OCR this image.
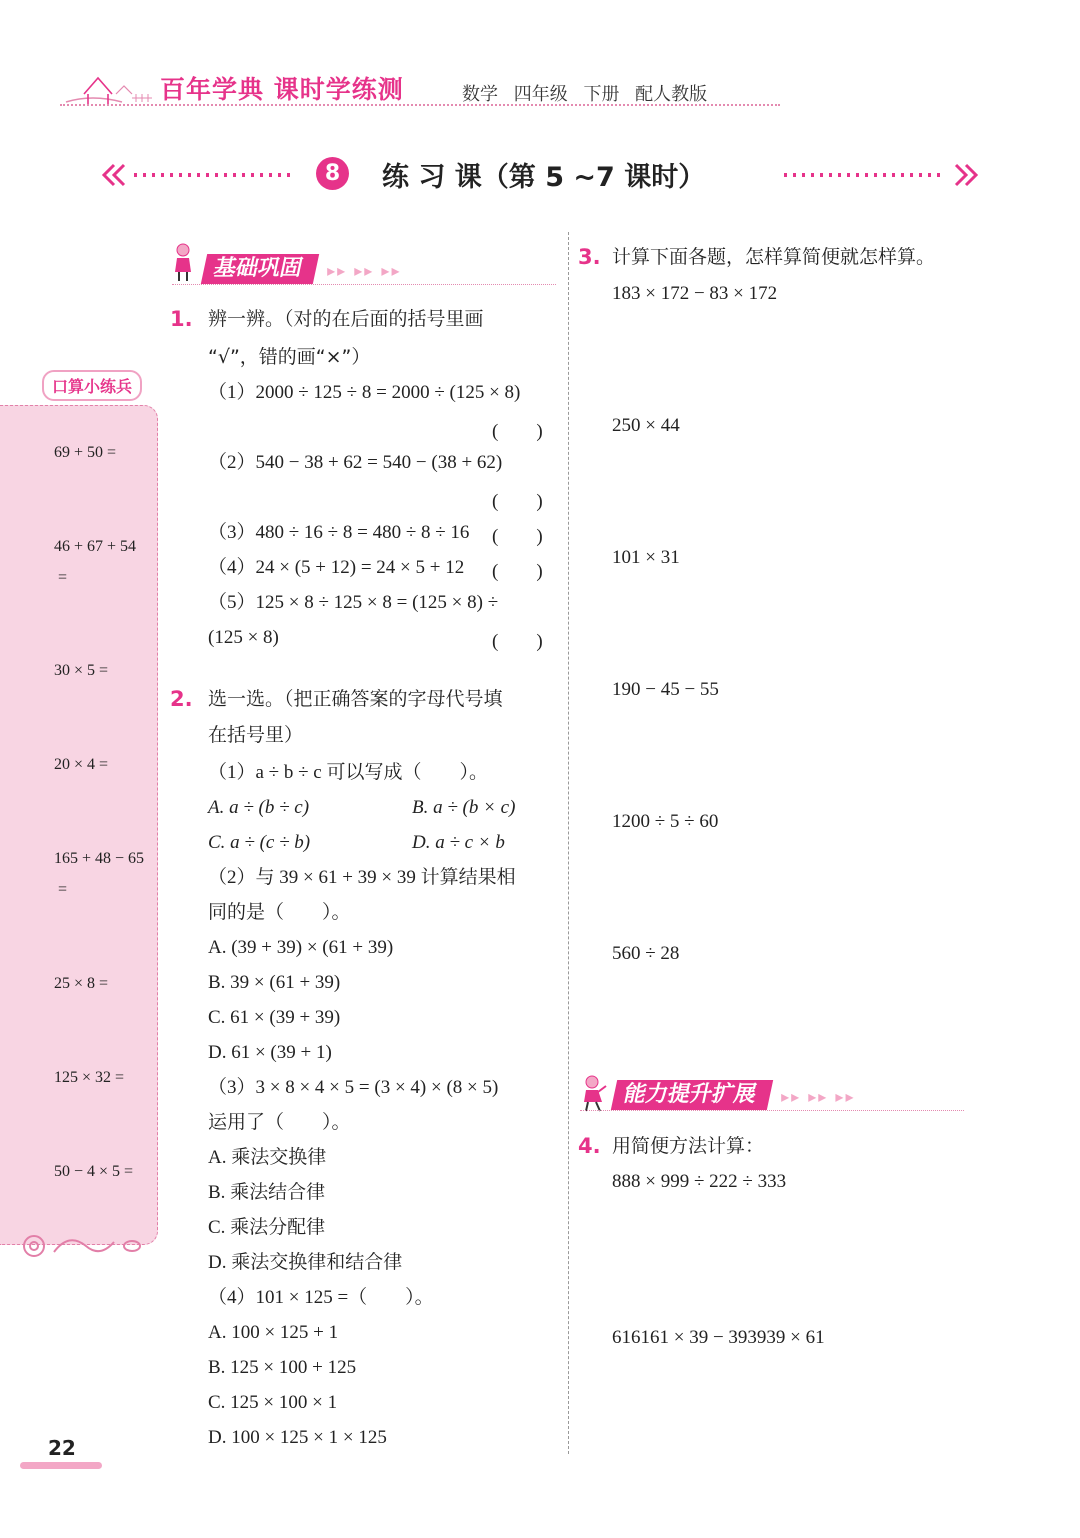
百年学典 课时学练测	数学 四年级 下册 配人教版
8	练 习 课（第 5 ~7 课时）
口算小练兵
69 + 50 =
46 + 67 + 54
=
30 × 5 =
20 × 4 =
165 + 48 − 65
=
25 × 8 =
125 × 32 =
50 − 4 × 5 =
22
基础巩固 ▸▸ ▸▸ ▸▸
1. 辨一辨。（对的在后面的括号里画
“√”，错的画“×”）
（1）2000 ÷ 125 ÷ 8 = 2000 ÷ (125 × 8)
(　　)
（2）540 − 38 + 62 = 540 − (38 + 62)
(　　)
（3）480 ÷ 16 ÷ 8 = 480 ÷ 8 ÷ 16 (　　)
（4）24 × (5 + 12) = 24 × 5 + 12 (　　)
（5）125 × 8 ÷ 125 × 8 = (125 × 8) ÷
(125 × 8)	(　　)
2. 选一选。（把正确答案的字母代号填
在括号里）
（1）a ÷ b ÷ c 可以写成（　　）。
A. a ÷ (b ÷ c)	B. a ÷ (b × c)
C. a ÷ (c ÷ b)	D. a ÷ c × b
（2）与 39 × 61 + 39 × 39 计算结果相
同的是（　　）。
A. (39 + 39) × (61 + 39)
B. 39 × (61 + 39)
C. 61 × (39 + 39)
D. 61 × (39 + 1)
（3）3 × 8 × 4 × 5 = (3 × 4) × (8 × 5)
运用了（　　）。
A. 乘法交换律
B. 乘法结合律
C. 乘法分配律
D. 乘法交换律和结合律
（4）101 × 125 =（　　）。
A. 100 × 125 + 1
B. 125 × 100 + 125
C. 125 × 100 × 1
D. 100 × 125 × 1 × 125
3. 计算下面各题，怎样算简便就怎样算。
183 × 172 − 83 × 172
250 × 44
101 × 31
190 − 45 − 55
1200 ÷ 5 ÷ 60
560 ÷ 28
能力提升扩展 ▸▸ ▸▸ ▸▸
4. 用简便方法计算：
888 × 999 ÷ 222 ÷ 333
616161 × 39 − 393939 × 61
